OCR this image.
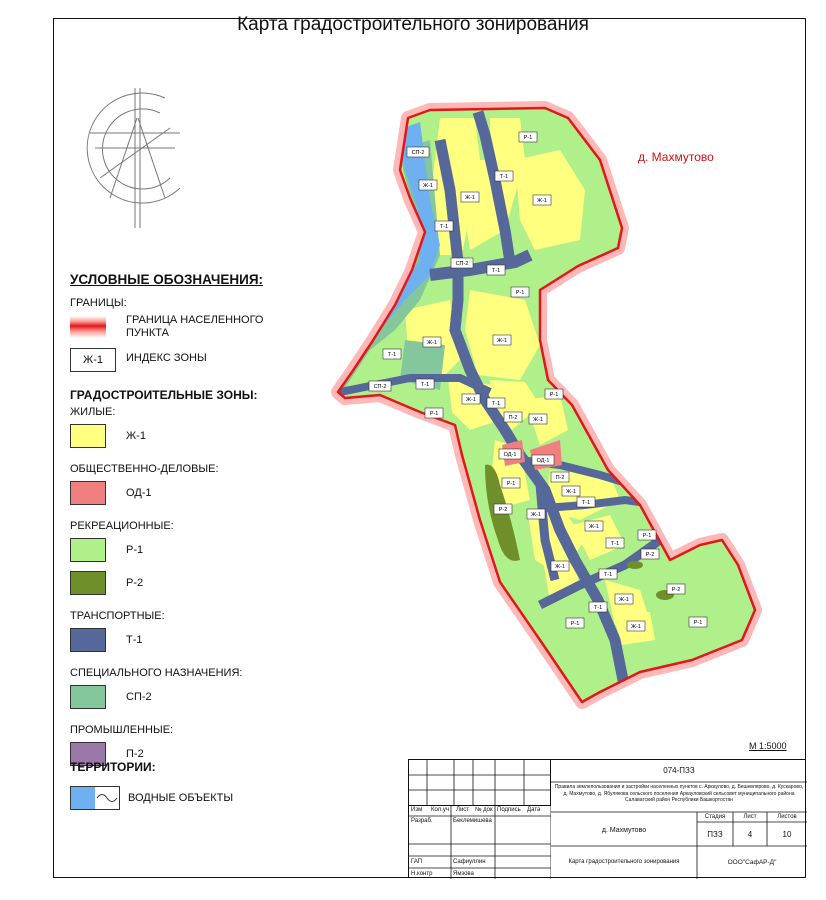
СП-2
Ж-1
Т-1
Р-1
Ж-1
Т-1
Ж-1
СП-2
Т-1
Р-1
Ж-1	Ж-1
Т-1
СП-2	Т-1
Р-1
Ж-1
Т-1
П-2	Ж-1
Р-1
ОД-1
ОД-1
П-2
Р-1
Ж-1
Т-1
Р-2
Ж-1
Ж-1
Р-1
Т-1
Р-2
Ж-1
Т-1
Ж-1
Р-2
Т-1
Р-1	Ж-1
Р-1
Карта градостроительного зонирования
д. Махмутово
УСЛОВНЫЕ ОБОЗНАЧЕНИЯ:
ГРАНИЦЫ:
ГРАНИЦА НАСЕЛЕННОГО ПУНКТА
Ж-1	ИНДЕКС ЗОНЫ
ГРАДОСТРОИТЕЛЬНЫЕ ЗОНЫ:
ЖИЛЫЕ:
Ж-1
ОБЩЕСТВЕННО-ДЕЛОВЫЕ:
ОД-1
РЕКРЕАЦИОННЫЕ:
Р-1
Р-2
ТРАНСПОРТНЫЕ:
Т-1
СПЕЦИАЛЬНОГО НАЗНАЧЕНИЯ:
СП-2
ПРОМЫШЛЕННЫЕ:
П-2
ТЕРРИТОРИИ:
ВОДНЫЕ ОБЪЕКТЫ
М 1:5000
Изм Кол.уч Лист № док Подпись Дата
Разраб.	Беклемишева
ГАП	Сафиуллин
Н.контр	Ямзова
074-ПЗЗ
Правила землепользования и застройки населенных пунктов с. Аркаулово, д. Бешевлярово, д. Кускарово, д. Махмутово, д. Ябулякова сельского поселения Аркауловский сельсовет муниципального района Салаватский район Республики Башкортостан
д. Махмутово
Стадия	Лист	Листов
ПЗЗ	4	10
Карта градостроительного зонирования	ООО"СафАР-Д"
